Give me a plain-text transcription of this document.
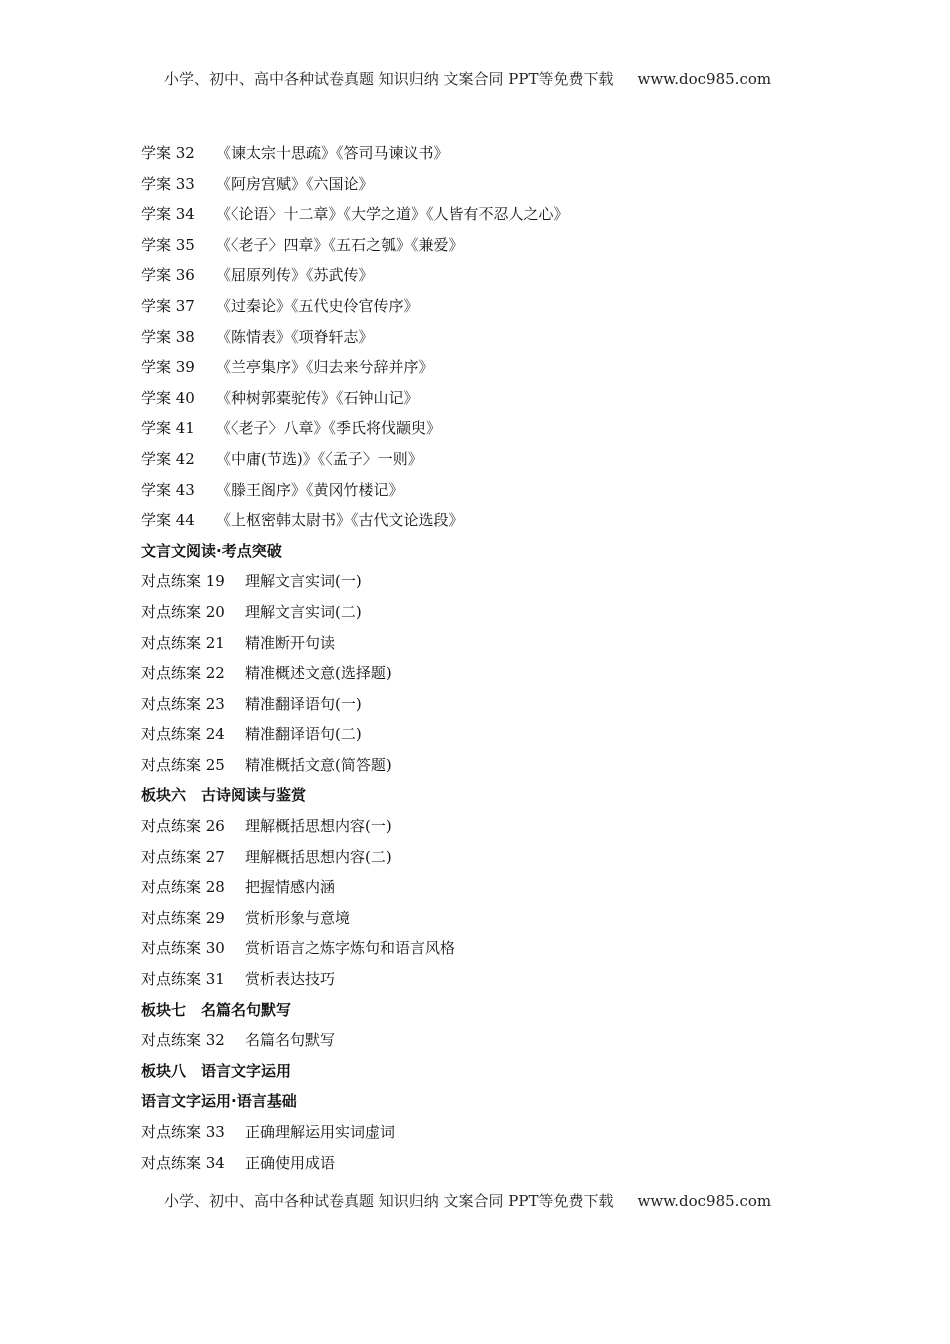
小学、初中、高中各种试卷真题 知识归纳 文案合同 PPT等免费下载 www.doc985.com
学案 32 《谏太宗十思疏》《答司马谏议书》
学案 33 《阿房宫赋》《六国论》
学案 34 《〈论语〉十二章》《大学之道》《人皆有不忍人之心》
学案 35 《〈老子〉四章》《五石之瓠》《兼爱》
学案 36 《屈原列传》《苏武传》
学案 37 《过秦论》《五代史伶官传序》
学案 38 《陈情表》《项脊轩志》
学案 39 《兰亭集序》《归去来兮辞并序》
学案 40 《种树郭橐驼传》《石钟山记》
学案 41 《〈老子〉八章》《季氏将伐颛臾》
学案 42 《中庸(节选)》《〈孟子〉一则》
学案 43 《滕王阁序》《黄冈竹楼记》
学案 44 《上枢密韩太尉书》《古代文论选段》
文言文阅读·考点突破
对点练案 19 理解文言实词(一)
对点练案 20 理解文言实词(二)
对点练案 21 精准断开句读
对点练案 22 精准概述文意(选择题)
对点练案 23 精准翻译语句(一)
对点练案 24 精准翻译语句(二)
对点练案 25 精准概括文意(简答题)
板块六　古诗阅读与鉴赏
对点练案 26 理解概括思想内容(一)
对点练案 27 理解概括思想内容(二)
对点练案 28 把握情感内涵
对点练案 29 赏析形象与意境
对点练案 30 赏析语言之炼字炼句和语言风格
对点练案 31 赏析表达技巧
板块七　名篇名句默写
对点练案 32 名篇名句默写
板块八　语言文字运用
语言文字运用·语言基础
对点练案 33 正确理解运用实词虚词
对点练案 34 正确使用成语
小学、初中、高中各种试卷真题 知识归纳 文案合同 PPT等免费下载 www.doc985.com
